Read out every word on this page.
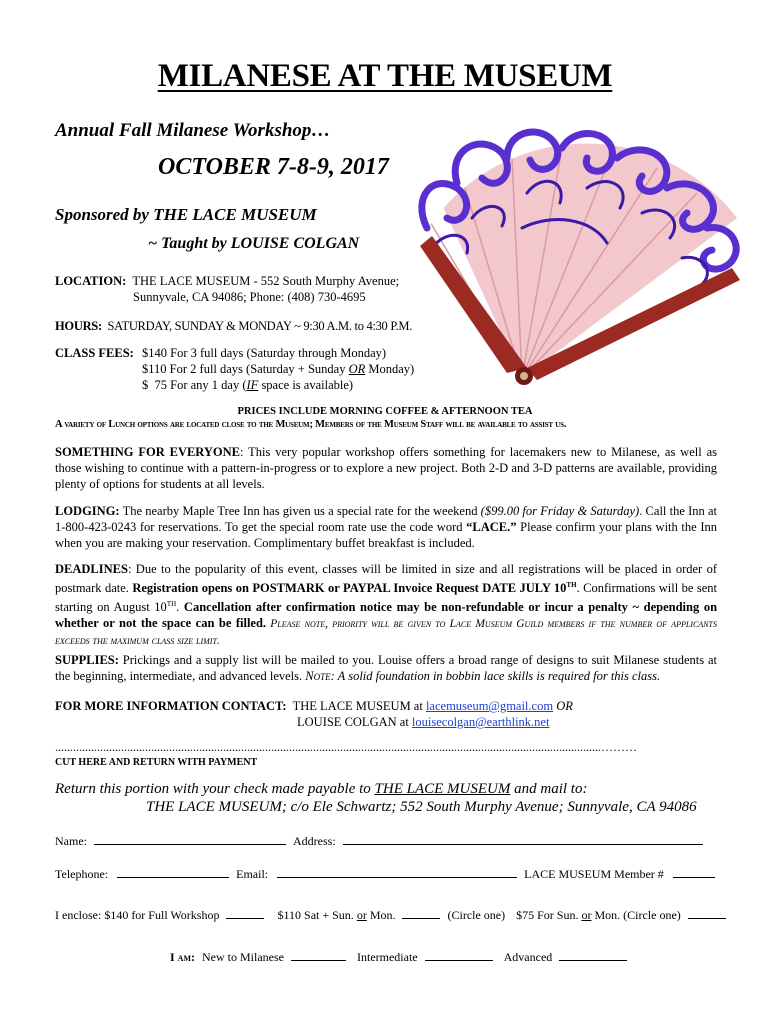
MILANESE AT THE MUSEUM
Annual Fall Milanese Workshop…
OCTOBER 7-8-9, 2017
Sponsored by THE LACE MUSEUM
~ Taught by LOUISE COLGAN
LOCATION: THE LACE MUSEUM - 552 South Murphy Avenue;
Sunnyvale, CA 94086; Phone: (408) 730-4695
HOURS: SATURDAY, SUNDAY & MONDAY ~ 9:30 A.M. to 4:30 P.M.
CLASS FEES: $140 For 3 full days (Saturday through Monday)
$110 For 2 full days (Saturday + Sunday OR Monday)
$  75 For any 1 day (IF space is available)
PRICES INCLUDE MORNING COFFEE & AFTERNOON TEA
A variety of Lunch options are located close to the Museum; Members of the Museum Staff will be available to assist us.
SOMETHING FOR EVERYONE: This very popular workshop offers something for lacemakers new to Milanese, as well as those wishing to continue with a pattern-in-progress or to explore a new project. Both 2-D and 3-D patterns are available, providing plenty of options for students at all levels.
LODGING: The nearby Maple Tree Inn has given us a special rate for the weekend ($99.00 for Friday & Saturday). Call the Inn at 1-800-423-0243 for reservations. To get the special room rate use the code word “LACE.” Please confirm your plans with the Inn when you are making your reservation. Complimentary buffet breakfast is included.
DEADLINES: Due to the popularity of this event, classes will be limited in size and all registrations will be placed in order of postmark date. Registration opens on POSTMARK or PAYPAL Invoice Request DATE JULY 10TH. Confirmations will be sent starting on August 10TH. Cancellation after confirmation notice may be non-refundable or incur a penalty ~ depending on whether or not the space can be filled. Please note, priority will be given to Lace Museum Guild members if the number of applicants exceeds the maximum class size limit.
SUPPLIES: Prickings and a supply list will be mailed to you. Louise offers a broad range of designs to suit Milanese students at the beginning, intermediate, and advanced levels. Note: A solid foundation in bobbin lace skills is required for this class.
FOR MORE INFORMATION CONTACT: THE LACE MUSEUM at lacemuseum@gmail.com OR
LOUISE COLGAN at louisecolgan@earthlink.net
......................................................................................................................................................................................………
CUT HERE AND RETURN WITH PAYMENT
Return this portion with your check made payable to THE LACE MUSEUM and mail to:
THE LACE MUSEUM; c/o Ele Schwartz; 552 South Murphy Avenue; Sunnyvale, CA 94086
Name:	Address:
Telephone:	Email:	LACE MUSEUM Member #
I enclose: $140 for Full Workshop	$110 Sat + Sun. or Mon.	(Circle one) $75 For Sun. or Mon. (Circle one)
I am: New to Milanese	Intermediate	Advanced
